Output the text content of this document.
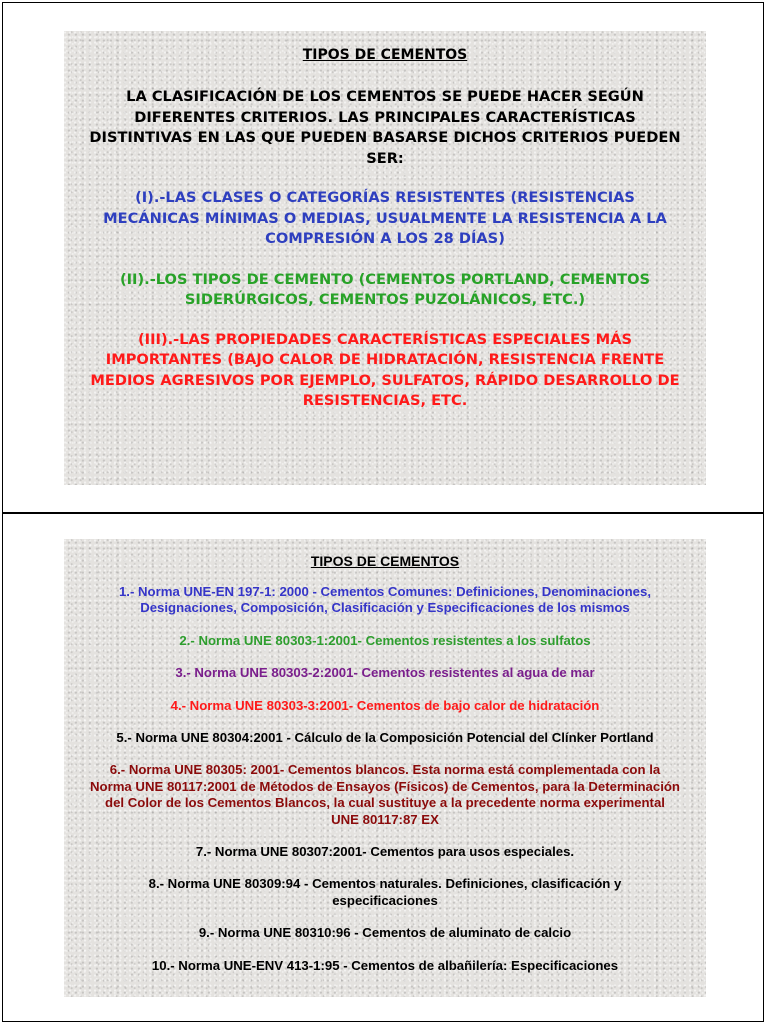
TIPOS DE CEMENTOS

LA CLASIFICACIÓN DE LOS CEMENTOS SE PUEDE HACER SEGÚN DIFERENTES CRITERIOS. LAS PRINCIPALES CARACTERÍSTICAS DISTINTIVAS EN LAS QUE PUEDEN BASARSE DICHOS CRITERIOS PUEDEN SER:

(I).-LAS CLASES O CATEGORÍAS RESISTENTES (RESISTENCIAS MECÁNICAS MÍNIMAS O MEDIAS, USUALMENTE LA RESISTENCIA A LA COMPRESIÓN A LOS 28 DÍAS)

(II).-LOS TIPOS DE CEMENTO (CEMENTOS PORTLAND, CEMENTOS SIDERÚRGICOS, CEMENTOS PUZOLÁNICOS, ETC.)

(III).-LAS PROPIEDADES CARACTERÍSTICAS ESPECIALES MÁS IMPORTANTES (BAJO CALOR DE HIDRATACIÓN, RESISTENCIA FRENTE MEDIOS AGRESIVOS POR EJEMPLO, SULFATOS, RÁPIDO DESARROLLO DE RESISTENCIAS, ETC.

TIPOS DE CEMENTOS

1.- Norma UNE-EN 197-1: 2000 - Cementos Comunes: Definiciones, Denominaciones, Designaciones, Composición, Clasificación y Especificaciones de los mismos
2.- Norma UNE 80303-1:2001- Cementos resistentes a los sulfatos
3.- Norma UNE 80303-2:2001- Cementos resistentes al agua de mar
4.- Norma UNE 80303-3:2001- Cementos de bajo calor de hidratación
5.- Norma UNE 80304:2001 - Cálculo de la Composición Potencial del Clínker Portland
6.- Norma UNE 80305: 2001- Cementos blancos. Esta norma está complementada con la Norma UNE 80117:2001 de Métodos de Ensayos (Físicos) de Cementos, para la Determinación del Color de los Cementos Blancos, la cual sustituye a la precedente norma experimental UNE 80117:87 EX
7.- Norma UNE 80307:2001- Cementos para usos especiales.
8.- Norma UNE 80309:94 - Cementos naturales. Definiciones, clasificación y especificaciones
9.- Norma UNE 80310:96 - Cementos de aluminato de calcio
10.- Norma UNE-ENV 413-1:95 - Cementos de albañilería: Especificaciones
